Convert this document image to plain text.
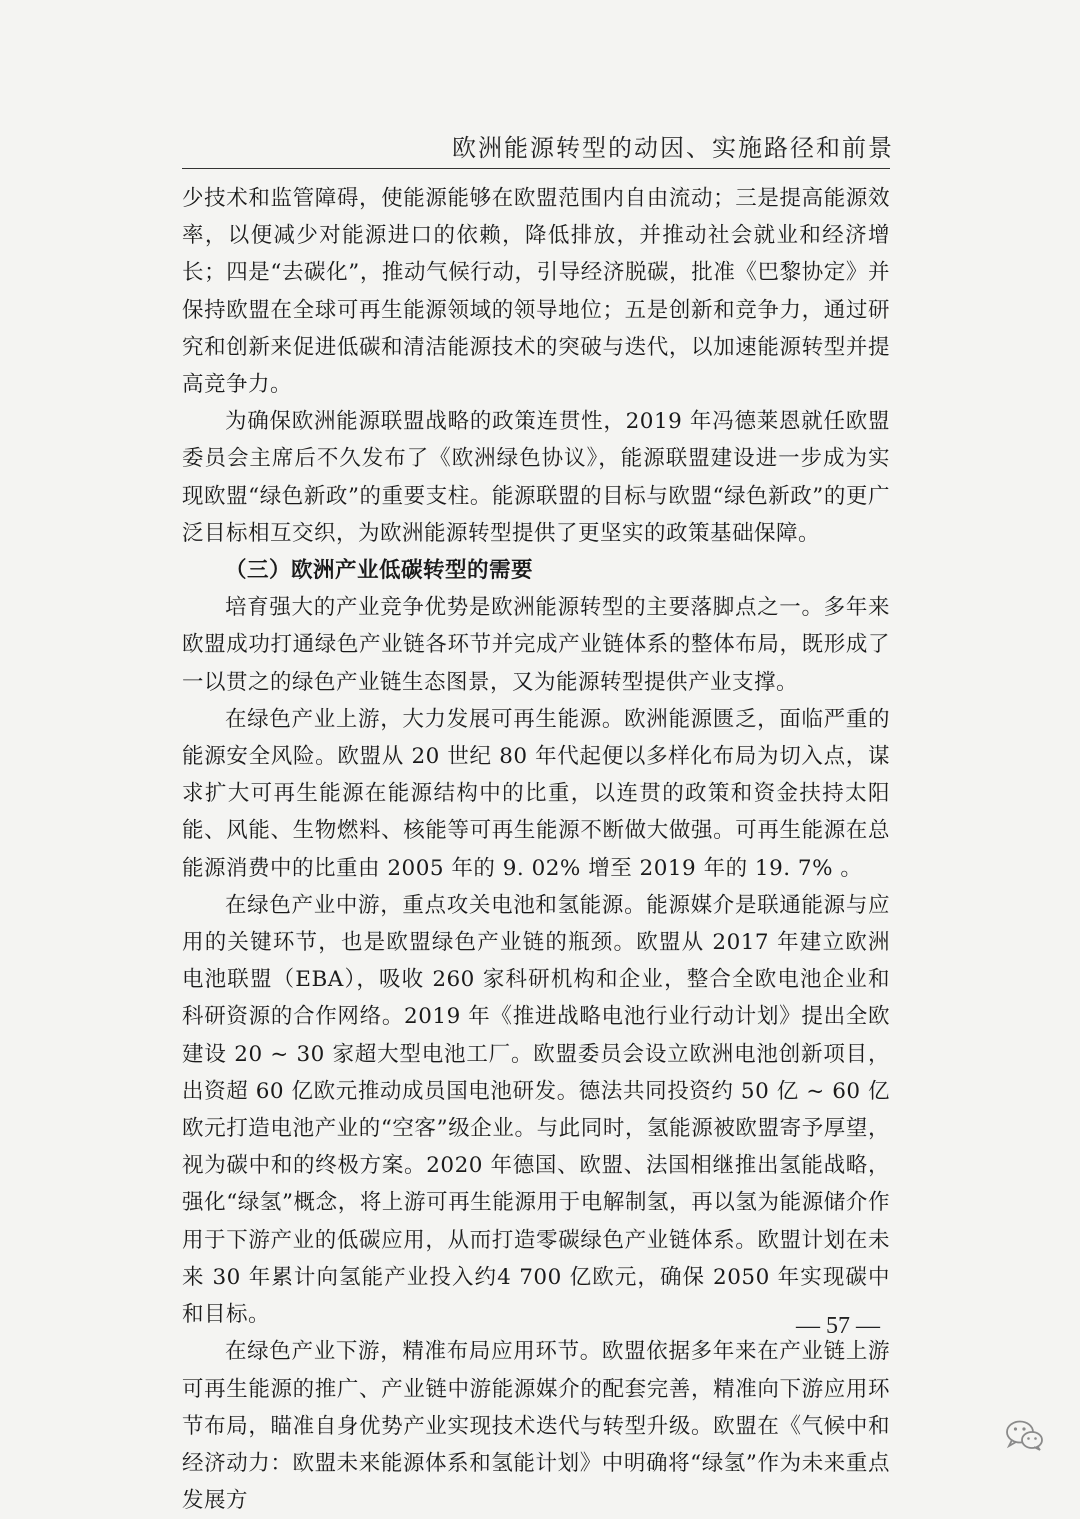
欧洲能源转型的动因、实施路径和前景

少技术和监管障碍，使能源能够在欧盟范围内自由流动；三是提高能源效率，以便减少对能源进口的依赖，降低排放，并推动社会就业和经济增长；四是“去碳化”，推动气候行动，引导经济脱碳，批准《巴黎协定》并保持欧盟在全球可再生能源领域的领导地位；五是创新和竞争力，通过研究和创新来促进低碳和清洁能源技术的突破与迭代，以加速能源转型并提高竞争力。

为确保欧洲能源联盟战略的政策连贯性，2019 年冯德莱恩就任欧盟委员会主席后不久发布了《欧洲绿色协议》，能源联盟建设进一步成为实现欧盟“绿色新政”的重要支柱。能源联盟的目标与欧盟“绿色新政”的更广泛目标相互交织，为欧洲能源转型提供了更坚实的政策基础保障。

（三）欧洲产业低碳转型的需要

培育强大的产业竞争优势是欧洲能源转型的主要落脚点之一。多年来欧盟成功打通绿色产业链各环节并完成产业链体系的整体布局，既形成了一以贯之的绿色产业链生态图景，又为能源转型提供产业支撑。

在绿色产业上游，大力发展可再生能源。欧洲能源匮乏，面临严重的能源安全风险。欧盟从 20 世纪 80 年代起便以多样化布局为切入点，谋求扩大可再生能源在能源结构中的比重，以连贯的政策和资金扶持太阳能、风能、生物燃料、核能等可再生能源不断做大做强。可再生能源在总能源消费中的比重由 2005 年的 9. 02% 增至 2019 年的 19. 7% 。

在绿色产业中游，重点攻关电池和氢能源。能源媒介是联通能源与应用的关键环节，也是欧盟绿色产业链的瓶颈。欧盟从 2017 年建立欧洲电池联盟（EBA），吸收 260 家科研机构和企业，整合全欧电池企业和科研资源的合作网络。2019 年《推进战略电池行业行动计划》提出全欧建设 20 ~ 30 家超大型电池工厂。欧盟委员会设立欧洲电池创新项目，出资超 60 亿欧元推动成员国电池研发。德法共同投资约 50 亿 ~ 60 亿欧元打造电池产业的“空客”级企业。与此同时，氢能源被欧盟寄予厚望，视为碳中和的终极方案。2020 年德国、欧盟、法国相继推出氢能战略，强化“绿氢”概念，将上游可再生能源用于电解制氢，再以氢为能源储介作用于下游产业的低碳应用，从而打造零碳绿色产业链体系。欧盟计划在未来 30 年累计向氢能产业投入约4 700 亿欧元，确保 2050 年实现碳中和目标。

在绿色产业下游，精准布局应用环节。欧盟依据多年来在产业链上游可再生能源的推广、产业链中游能源媒介的配套完善，精准向下游应用环节布局，瞄准自身优势产业实现技术迭代与转型升级。欧盟在《气候中和经济动力：欧盟未来能源体系和氢能计划》中明确将“绿氢”作为未来重点发展方

— 57 —
